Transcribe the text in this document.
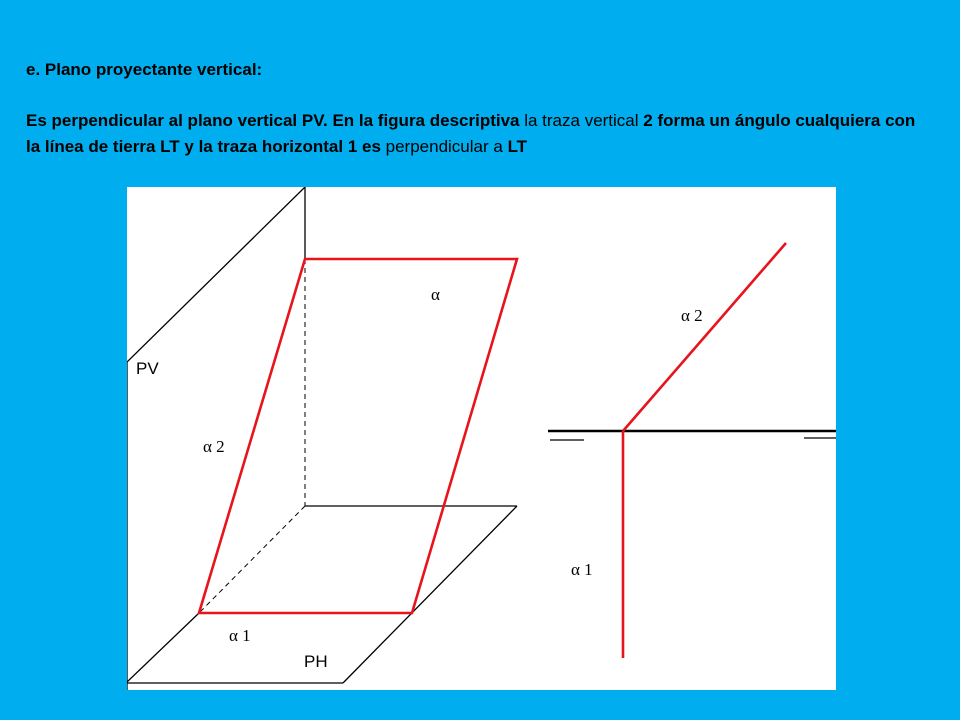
e. Plano proyectante vertical:
Es perpendicular al plano vertical PV. En la figura descriptiva la traza vertical 2 forma un ángulo cualquiera con la línea de tierra LT y la traza horizontal 1 es perpendicular a LT
α
α 2
α 1
PV
PH
α 2
α 1
